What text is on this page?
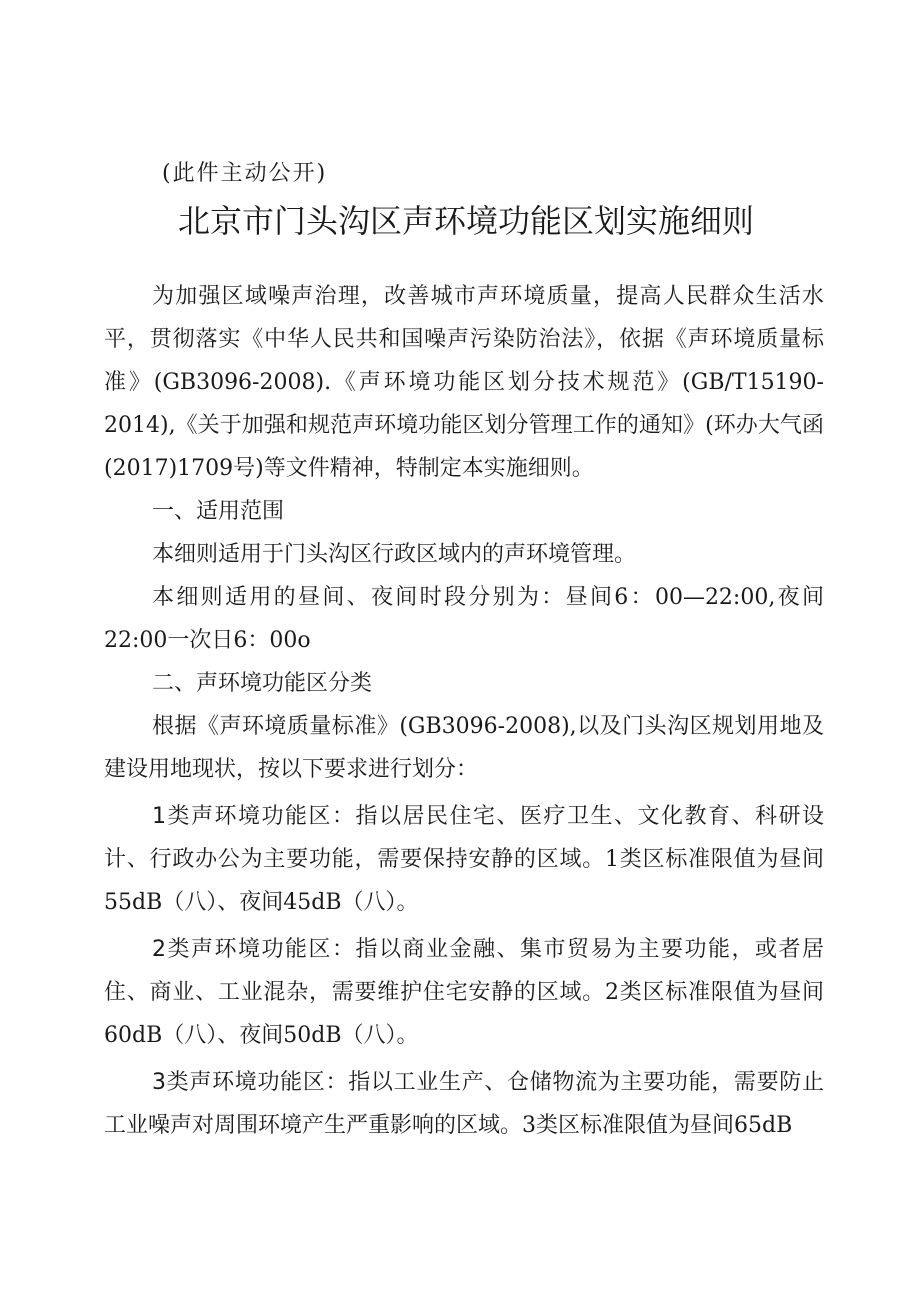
(此件主动公开)
北京市门头沟区声环境功能区划实施细则

为加强区域噪声治理，改善城市声环境质量，提高人民群众生活水平，贯彻落实《中华人民共和国噪声污染防治法》，依据《声环境质量标准》(GB3096-2008).《声环境功能区划分技术规范》(GB/T15190-2014),《关于加强和规范声环境功能区划分管理工作的通知》(环办大气函(2017)1709号)等文件精神，特制定本实施细则。

一、适用范围

本细则适用于门头沟区行政区域内的声环境管理。

本细则适用的昼间、夜间时段分别为：昼间6：00—22:00,夜间22:00一次日6：00o

二、声环境功能区分类

根据《声环境质量标准》(GB3096-2008),以及门头沟区规划用地及建设用地现状，按以下要求进行划分：

1类声环境功能区：指以居民住宅、医疗卫生、文化教育、科研设计、行政办公为主要功能，需要保持安静的区域。1类区标准限值为昼间55dB（八）、夜间45dB（八）。

2类声环境功能区：指以商业金融、集市贸易为主要功能，或者居住、商业、工业混杂，需要维护住宅安静的区域。2类区标准限值为昼间60dB（八）、夜间50dB（八）。

3类声环境功能区：指以工业生产、仓储物流为主要功能，需要防止工业噪声对周围环境产生严重影响的区域。3类区标准限值为昼间65dB
